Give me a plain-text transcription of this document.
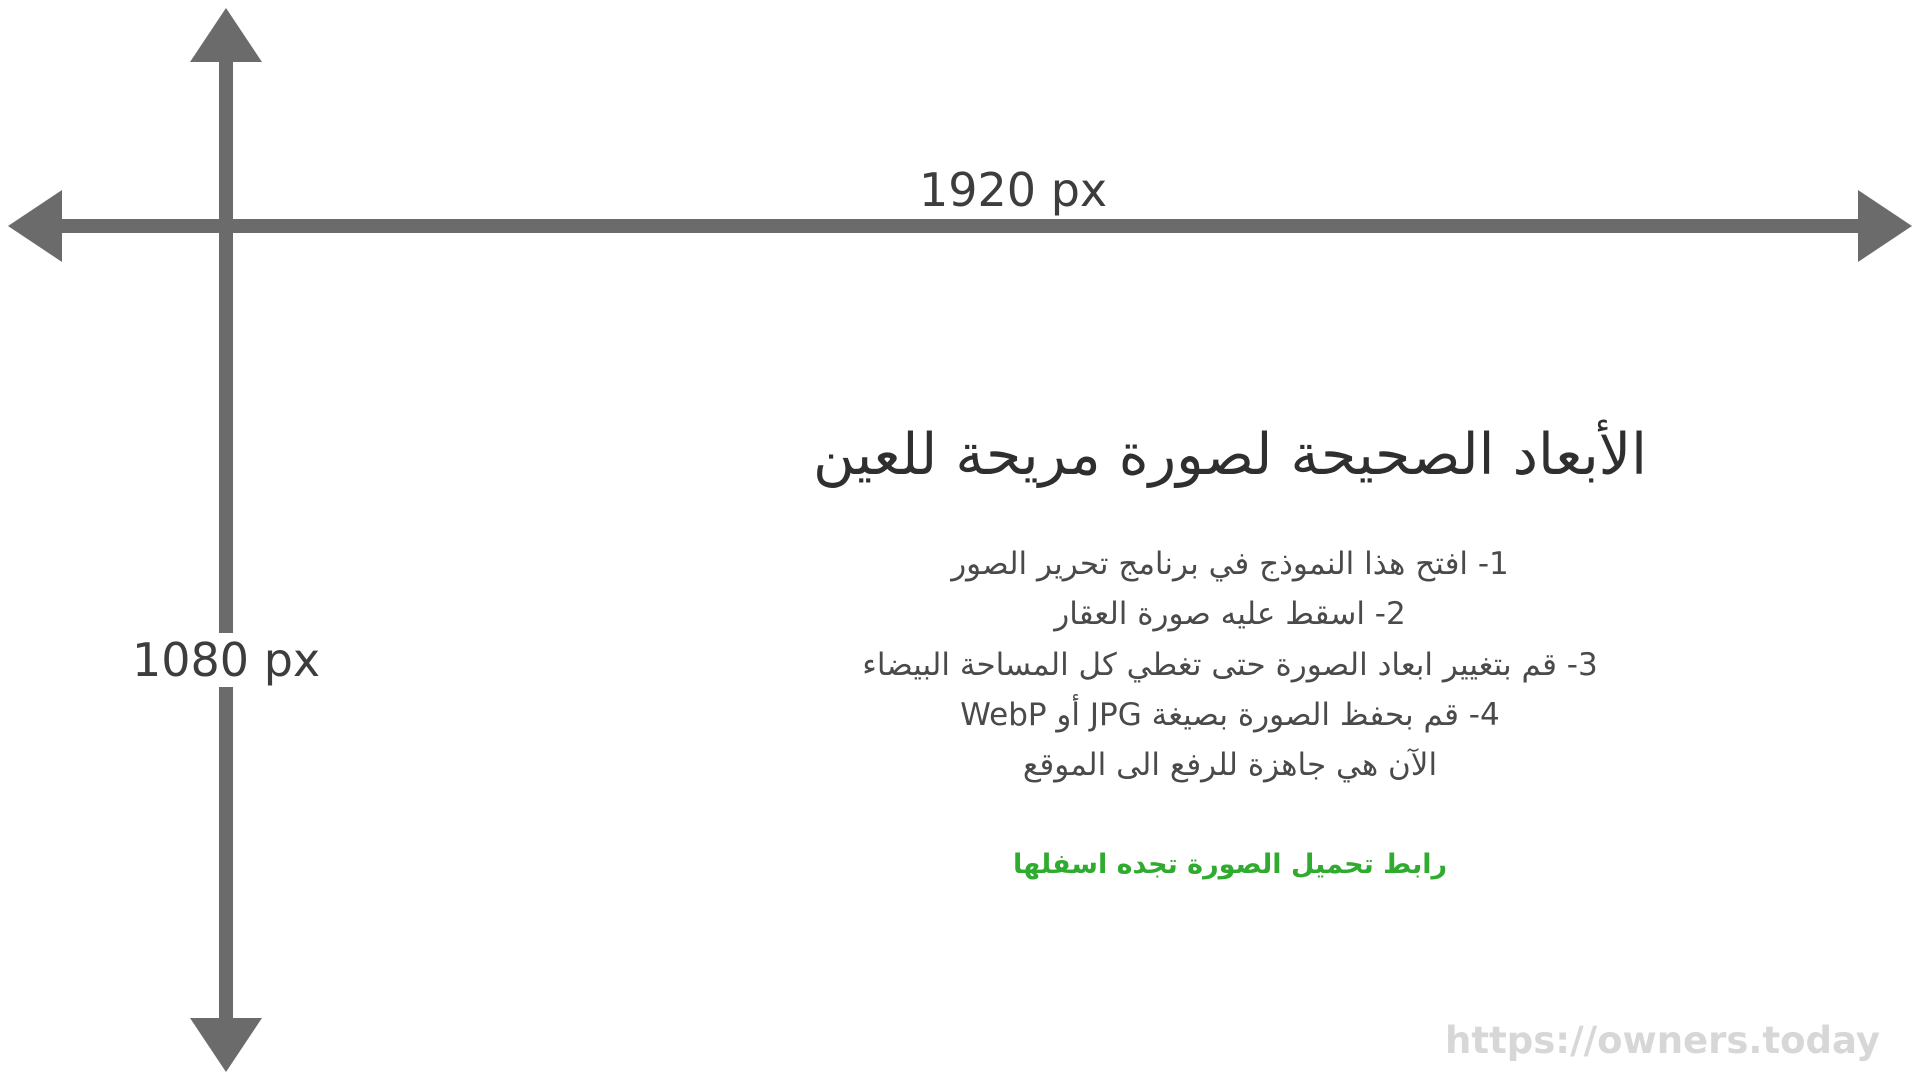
1920 px
1080 px
الأبعاد الصحيحة لصورة مريحة للعين

1- افتح هذا النموذج في برنامج تحرير الصور

2- اسقط عليه صورة العقار

3- قم بتغيير ابعاد الصورة حتى تغطي كل المساحة البيضاء

4- قم بحفظ الصورة بصيغة JPG أو WebP

الآن هي جاهزة للرفع الى الموقع

رابط تحميل الصورة تجده اسفلها
https://owners.today
